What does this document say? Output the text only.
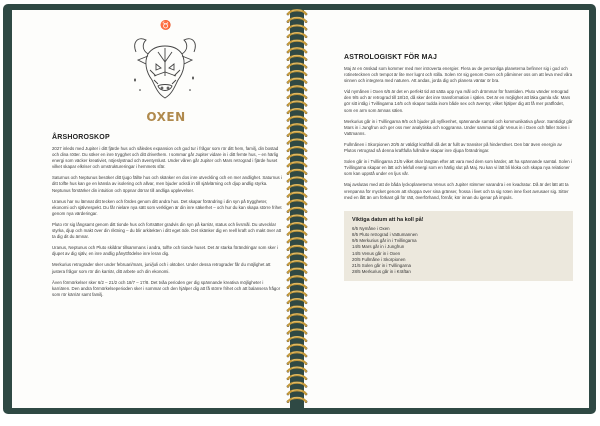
♉
OXEN
ÅRSHOROSKOP

2027 inleds med Jupiter i ditt fjärde hus och således expansion och god tur i frågor som rör ditt hem, familj, din bostad och dina rötter. Du söker en inre trygghet och ditt drivethem. I sommar går Jupiter vidare in i ditt femte hus, – en härlig energi som väcker kreativiet, nöjeslystnad och äventyrslust. Under våren går Jupiter och Mars retrograd i fjärde huset vilket skapar elkriser och omstruktureringar i hemmets sfär.

Saturnus och Neptunus besöker ditt tjugo fällte hus och skänker en dos inre utveckling och en mer andlighet. Saturnus i ditt tolfte hus kan ge en känsla av isolering och allvar, men bjuder också in till självlärning och djup andlig styrka. Neptunus förstärker din intuition och öppnar dörrar till andliga upplevelser.

Uranus har nu lämnat ditt tecken och fördes genom ditt andra hus. Det skapar förändring i din syn på tryggheter, ekonomi och självrespekt. Du får nielare nya sätt som verkligen är din inre säkerhet – och hur du kan skapa större frihet genom nya värderingar.

Pluto rör sig långsamt genom ditt tionde hus och fortsätter gradvis din syn på karriär, status och livsmål. Du utvecklar styrka, djup och makt över din riktning – du blir arkitekten i ditt eget öde. Det skänker dig en reell kraft och makt över att ta dig dit du ämnar.

Uranus, Neptunus och Pluto skildrar tillsammans i andra, tolfte och tionde huset. Det är starka förändringar som sker i djupet av dig själv, en inre andlig pånyttfödelse inre leran dig.

Merkurius retrograder sker under februari/mars, juni/juli och i oktober. Under dessa retrograder får du möjlighet att justera frågor som rör din karriär, ditt arbete och din ekonomi.

Även förmörkelser sker 6/2 – 21/2 och 18/7 – 17/8. Det tvåa perioden ger dig spännande kreativa möjligheter i karriären. Den andra förmörkelseperioden sker i sommar och den hjälper dig att få större frihet och att balansera frågor som rör kärriär samt familj.

ASTROLOGISKT FÖR MAJ

Maj är en önskad som kommer med mer introverta energier. Flera av de personliga planeterna befinner sig i god och rotinetecknen och tempot är lite mer lugnt och stilla. Solen rör sig genom Oxen och påminner oss om att leva med våra sinnen och integrera med naturen. Att andas, jorda dig och planera väntar ör bra.

Vid nymånen i Oxen 6/5 är det en perfekt tid att sätta upp nya mål och drömmar för framtiden. Pluto vänder retrograd den 9/5 och är retrograd till 18/10, då sker det inre transformation i själen. Det är en möjlighet att läka gamla sår. Mars gör sitt intåg i Tvillingarna 14/5 och skapar tudda inom både sex och äventyr, vilket hjälper dig att få mer pratflödet, som en arm som ämnas sälen.

Merkurius går in i Tvillingarna 9/5 och bjuder på nyfikenhet, spännande samtal och kommunikativa gåvor. Samtidigt går Mars in i Jungfrun och ger oss mer analytiska och noggranna. Under samma tid går Venus in i Oxen och fäller Solen i Vattmanns.

Fullmånen i Skorpionen 20/5 är väldigt kraftfull då det är fullt av transiter på hinderstlvet. Den bär även energin av Plutos retrograd så denna kraftfulla fullmåne skapar inre djupa förändringar.

Solen går in i Tvillingarna 21/5 vilket ökar längtan efter att vara med dem som kärder, att ha spännande samtal. Solen i Tvillingarna skapar en lätt och lekfull energi som en härlig slut på Maj. Nu kan vi lätt bli kloka och skapa nya relationer som kan uppstå under en ljus vår.

Maj avslutas med att de båda lyckoplaneterna Venus och Jupiter stimmer varandra i en kvadratur. Då är det lätt att ta vrenpanna för mycket genom att shoppa över sina gränser, frossa i livet och ta sig roten inne fixet avrusaer sig. Sitter med en lått än om förkant gå för rätt, överförhand, förnår, kör innan du igenar på impuls.

Viktiga datum att ha koll på!
6/5 Nymåne i Oxen
8/5 Pluto retrograd i Vattumannen
9/5 Merkurius går in i Tvillingarna
14/5 Mars går in i Jungfrun
14/5 Venus går in i Oxen
20/5 Fullmåne i Skorpionen
21/5 Solen går in i Tvillingarna
28/5 Merkurius går in i Kräftan
